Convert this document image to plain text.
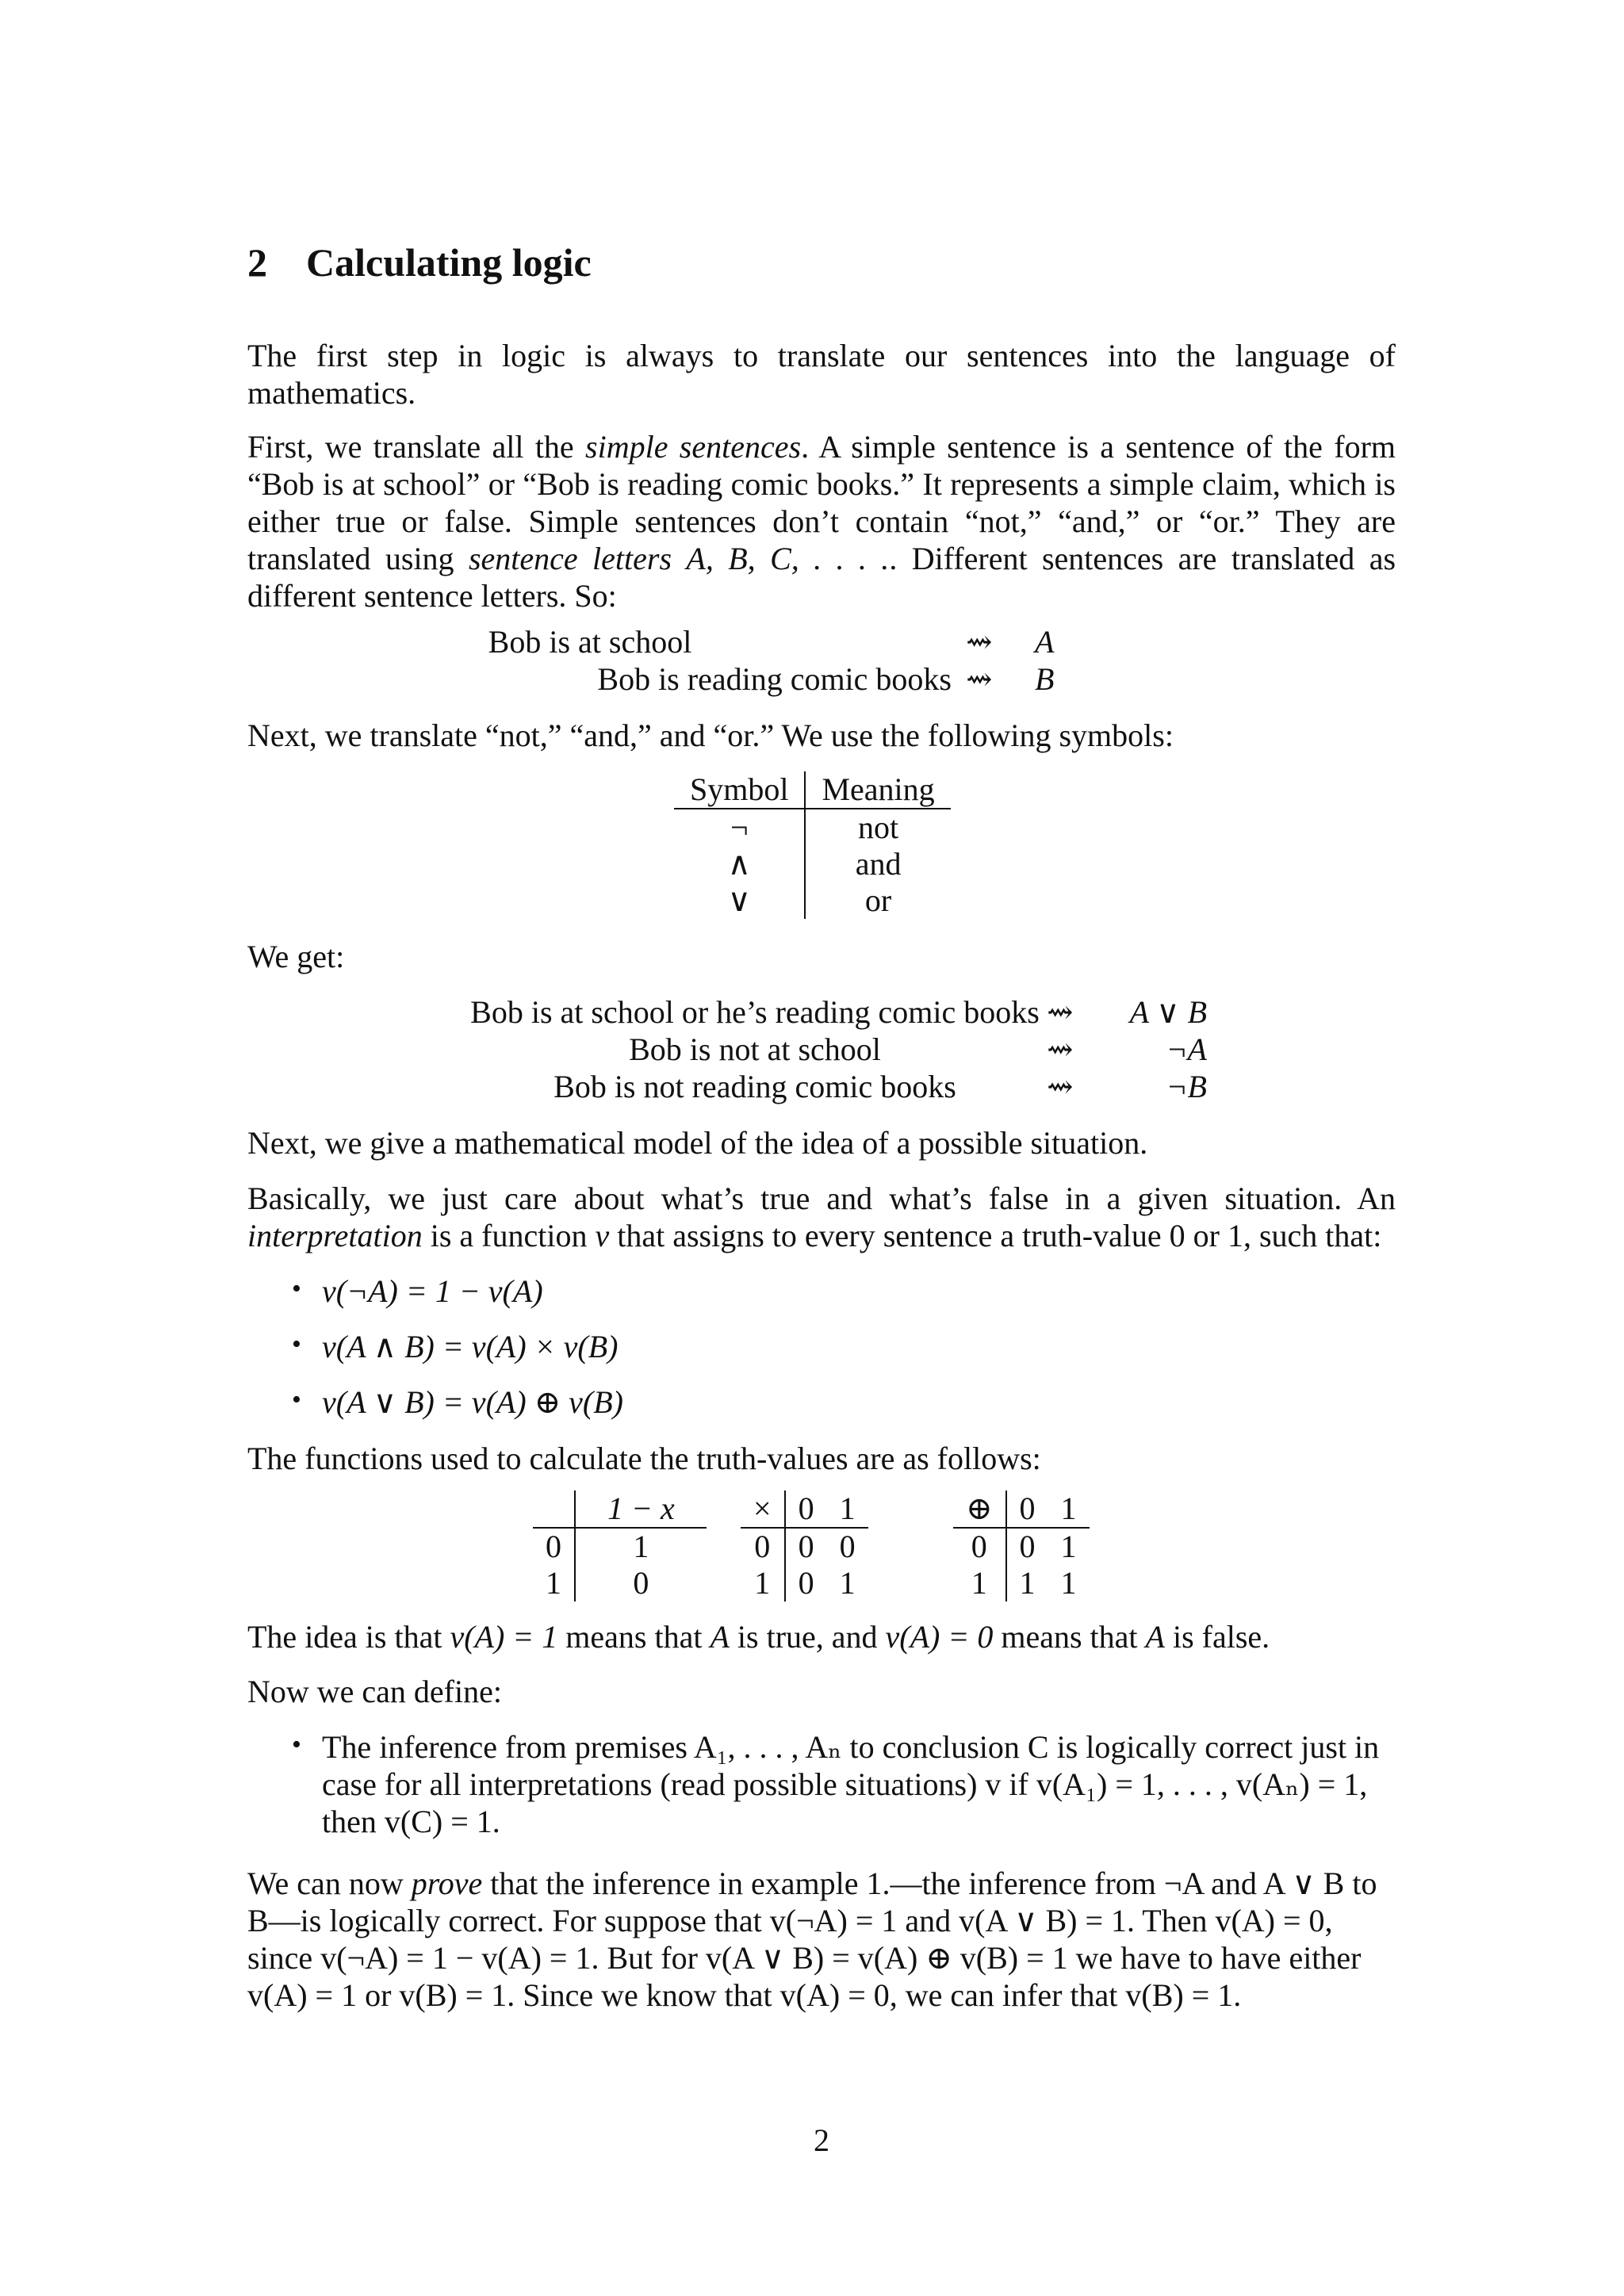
2 Calculating logic
The first step in logic is always to translate our sentences into the language of mathematics.
First, we translate all the simple sentences. A simple sentence is a sentence of the form “Bob is at school” or “Bob is reading comic books.” It represents a simple claim, which is either true or false. Simple sentences don’t contain “not,” “and,” or “or.” They are translated using sentence letters A, B, C, . . . .. Different sentences are translated as different sentence letters. So:
Bob is at school	⇝ A
Bob is reading comic books ⇝ B
Next, we translate “not,” “and,” and “or.” We use the following symbols:
Symbol	Meaning
¬	not
∧	and
∨	or
We get:
Bob is at school or he’s reading comic books ⇝	A ∨ B
Bob is not at school	⇝	¬A
Bob is not reading comic books	⇝	¬B
Next, we give a mathematical model of the idea of a possible situation.
Basically, we just care about what’s true and what’s false in a given situation. An interpretation is a function v that assigns to every sentence a truth-value 0 or 1, such that:
• v(¬A) = 1 − v(A)
• v(A ∧ B) = v(A) × v(B)
• v(A ∨ B) = v(A) ⊕ v(B)
The functions used to calculate the truth-values are as follows:
	1 − x
0	1
1	0
×	0	1
0	0	0
1	0	1
⊕	0	1
0	0	1
1	1	1
The idea is that v(A) = 1 means that A is true, and v(A) = 0 means that A is false.
Now we can define:
• The inference from premises A₁, . . . , Aₙ to conclusion C is logically correct just in
case for all interpretations (read possible situations) v if v(A₁) = 1, . . . , v(Aₙ) = 1,
then v(C) = 1.
We can now prove that the inference in example 1.—the inference from ¬A and A ∨ B to
B—is logically correct. For suppose that v(¬A) = 1 and v(A ∨ B) = 1. Then v(A) = 0,
since v(¬A) = 1 − v(A) = 1. But for v(A ∨ B) = v(A) ⊕ v(B) = 1 we have to have either
v(A) = 1 or v(B) = 1. Since we know that v(A) = 0, we can infer that v(B) = 1.
2
